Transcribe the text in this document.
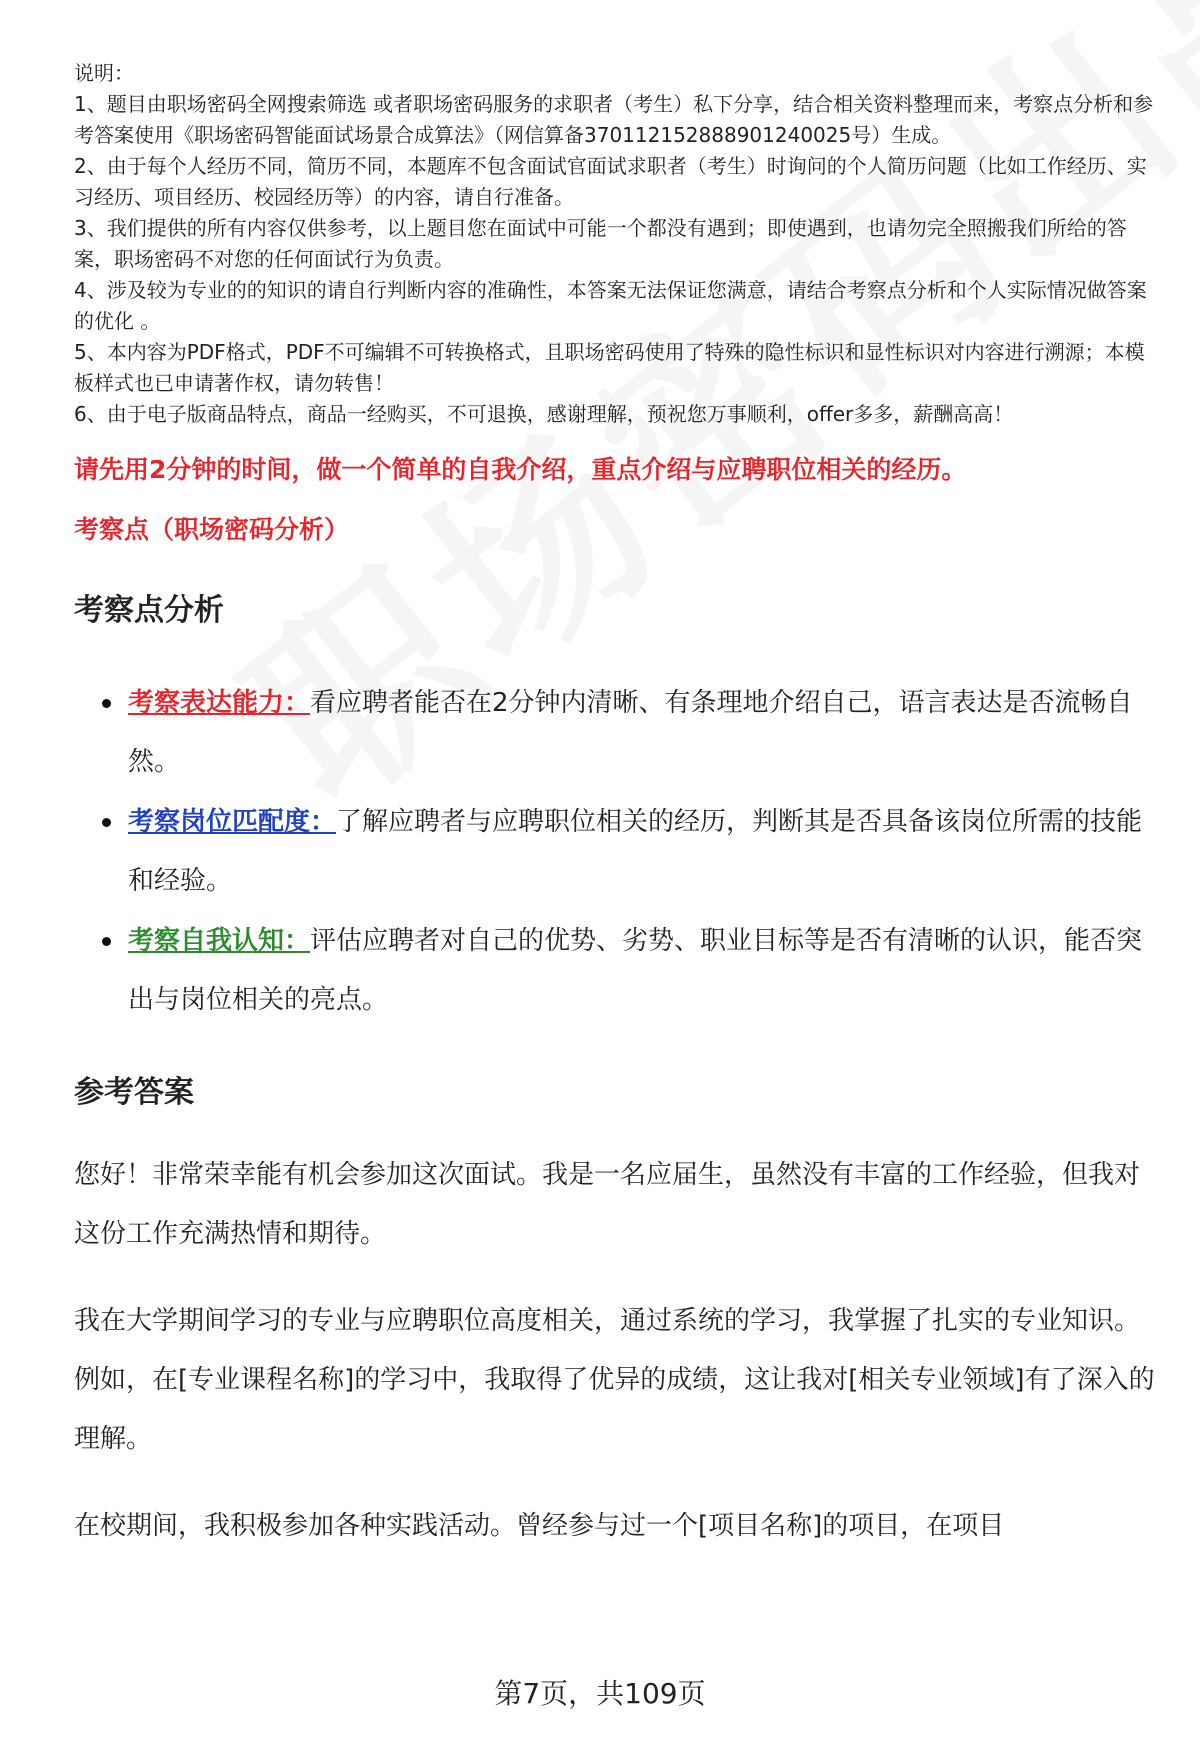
说明：

1、题目由职场密码全网搜索筛选 或者职场密码服务的求职者（考生）私下分享，结合相关资料整理而来，考察点分析和参考答案使用《职场密码智能面试场景合成算法》（网信算备370112152888901240025号）生成。

2、由于每个人经历不同，简历不同，本题库不包含面试官面试求职者（考生）时询问的个人简历问题（比如工作经历、实习经历、项目经历、校园经历等）的内容，请自行准备。

3、我们提供的所有内容仅供参考，以上题目您在面试中可能一个都没有遇到；即使遇到，也请勿完全照搬我们所给的答案，职场密码不对您的任何面试行为负责。

4、涉及较为专业的的知识的请自行判断内容的准确性，本答案无法保证您满意，请结合考察点分析和个人实际情况做答案的优化 。

5、本内容为PDF格式，PDF不可编辑不可转换格式，且职场密码使用了特殊的隐性标识和显性标识对内容进行溯源；本模板样式也已申请著作权，请勿转售！

6、由于电子版商品特点，商品一经购买，不可退换，感谢理解，预祝您万事顺利，offer多多，薪酬高高！

请先用2分钟的时间，做一个简单的自我介绍，重点介绍与应聘职位相关的经历。
考察点（职场密码分析）
考察点分析
考察表达能力：看应聘者能否在2分钟内清晰、有条理地介绍自己，语言表达是否流畅自然。
考察岗位匹配度：了解应聘者与应聘职位相关的经历，判断其是否具备该岗位所需的技能和经验。
考察自我认知：评估应聘者对自己的优势、劣势、职业目标等是否有清晰的认识，能否突出与岗位相关的亮点。
参考答案

您好！非常荣幸能有机会参加这次面试。我是一名应届生，虽然没有丰富的工作经验，但我对这份工作充满热情和期待。

我在大学期间学习的专业与应聘职位高度相关，通过系统的学习，我掌握了扎实的专业知识。例如，在[专业课程名称]的学习中，我取得了优异的成绩，这让我对[相关专业领域]有了深入的理解。

在校期间，我积极参加各种实践活动。曾经参与过一个[项目名称]的项目，在项目

第7页，共109页
